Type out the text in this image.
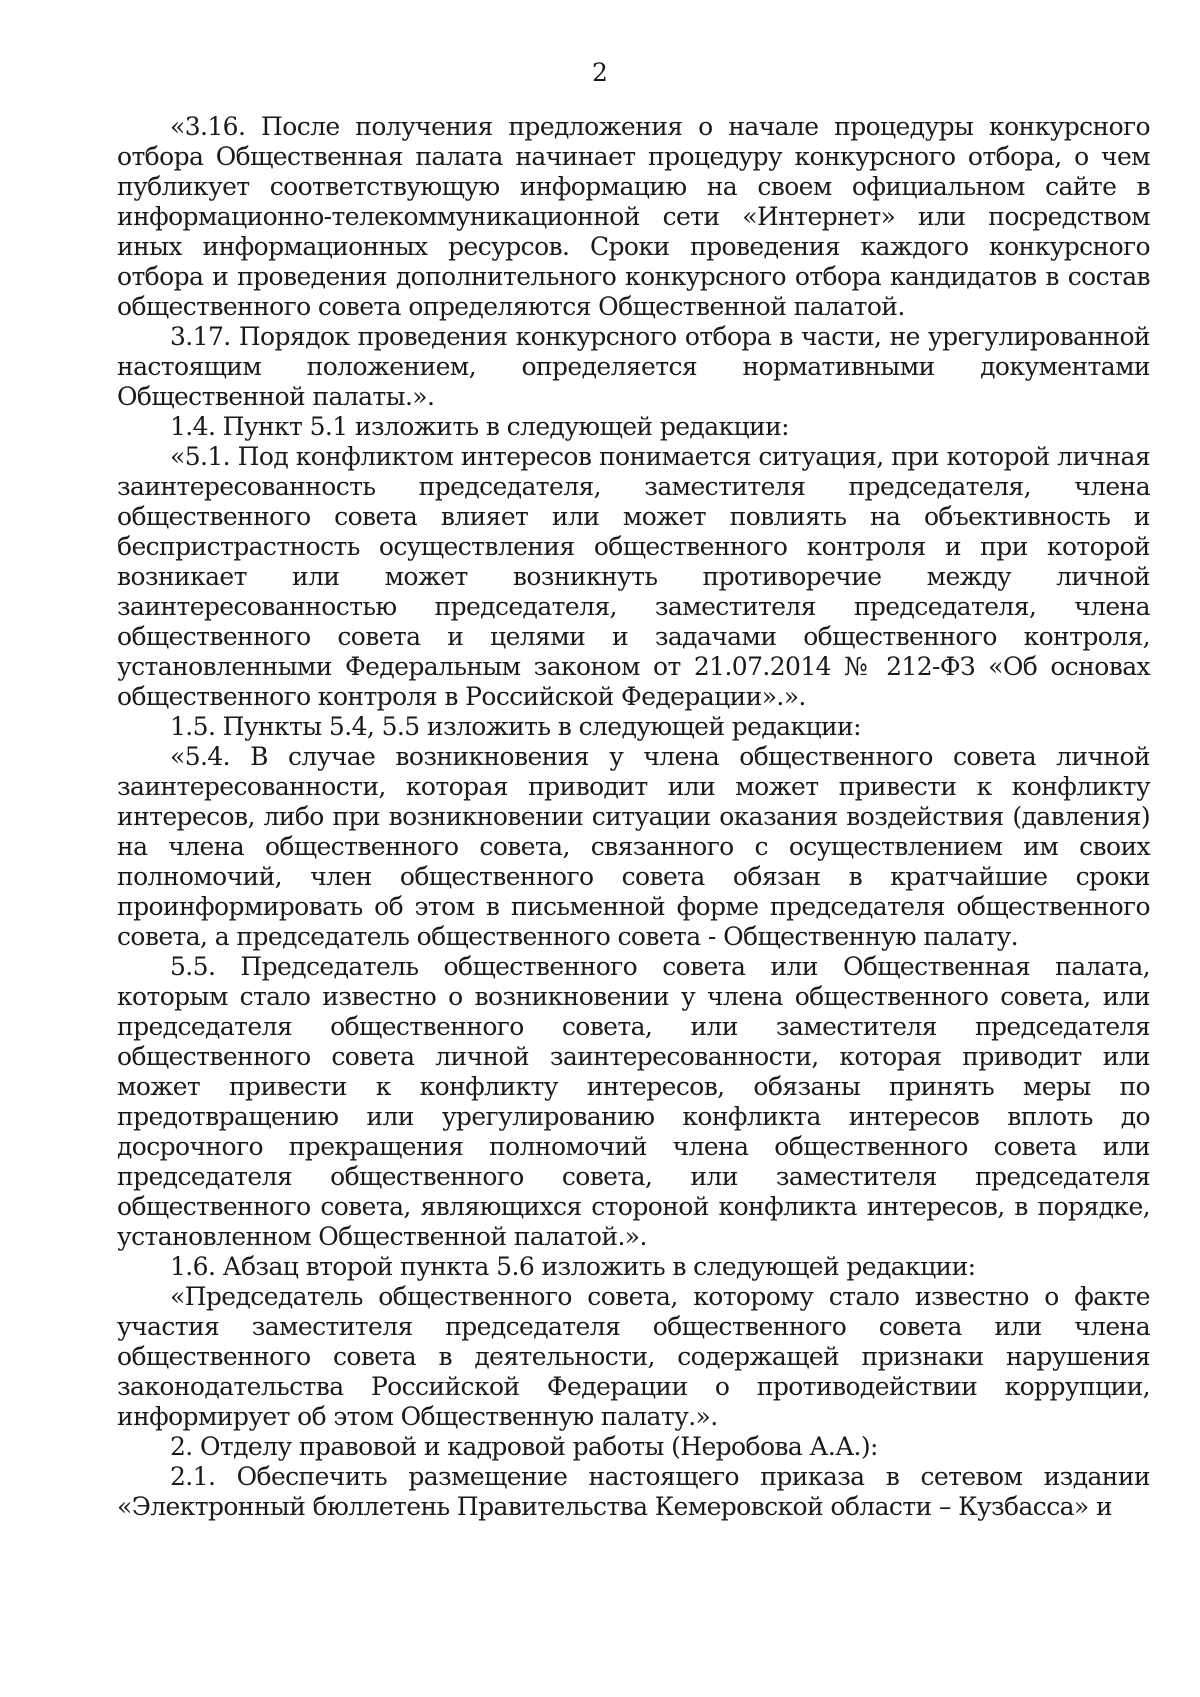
2

«3.16. После получения предложения о начале процедуры конкурсного отбора Общественная палата начинает процедуру конкурсного отбора, о чем публикует соответствующую информацию на своем официальном сайте в информационно-телекоммуникационной сети «Интернет» или посредством иных информационных ресурсов. Сроки проведения каждого конкурсного отбора и проведения дополнительного конкурсного отбора кандидатов в состав общественного совета определяются Общественной палатой.

3.17. Порядок проведения конкурсного отбора в части, не урегулированной настоящим положением, определяется нормативными документами Общественной палаты.».

1.4. Пункт 5.1 изложить в следующей редакции:

«5.1. Под конфликтом интересов понимается ситуация, при которой личная заинтересованность председателя, заместителя председателя, члена общественного совета влияет или может повлиять на объективность и беспристрастность осуществления общественного контроля и при которой возникает или может возникнуть противоречие между личной заинтересованностью председателя, заместителя председателя, члена общественного совета и целями и задачами общественного контроля, установленными Федеральным законом от 21.07.2014 № 212-ФЗ «Об основах общественного контроля в Российской Федерации».».

1.5. Пункты 5.4, 5.5 изложить в следующей редакции:

«5.4. В случае возникновения у члена общественного совета личной заинтересованности, которая приводит или может привести к конфликту интересов, либо при возникновении ситуации оказания воздействия (давления) на члена общественного совета, связанного с осуществлением им своих полномочий, член общественного совета обязан в кратчайшие сроки проинформировать об этом в письменной форме председателя общественного совета, а председатель общественного совета - Общественную палату.

5.5. Председатель общественного совета или Общественная палата, которым стало известно о возникновении у члена общественного совета, или председателя общественного совета, или заместителя председателя общественного совета личной заинтересованности, которая приводит или может привести к конфликту интересов, обязаны принять меры по предотвращению или урегулированию конфликта интересов вплоть до досрочного прекращения полномочий члена общественного совета или председателя общественного совета, или заместителя председателя общественного совета, являющихся стороной конфликта интересов, в порядке, установленном Общественной палатой.».

1.6. Абзац второй пункта 5.6 изложить в следующей редакции:

«Председатель общественного совета, которому стало известно о факте участия заместителя председателя общественного совета или члена общественного совета в деятельности, содержащей признаки нарушения законодательства Российской Федерации о противодействии коррупции, информирует об этом Общественную палату.».

2. Отделу правовой и кадровой работы (Неробова А.А.):

2.1. Обеспечить размещение настоящего приказа в сетевом издании «Электронный бюллетень Правительства Кемеровской области – Кузбасса» и
